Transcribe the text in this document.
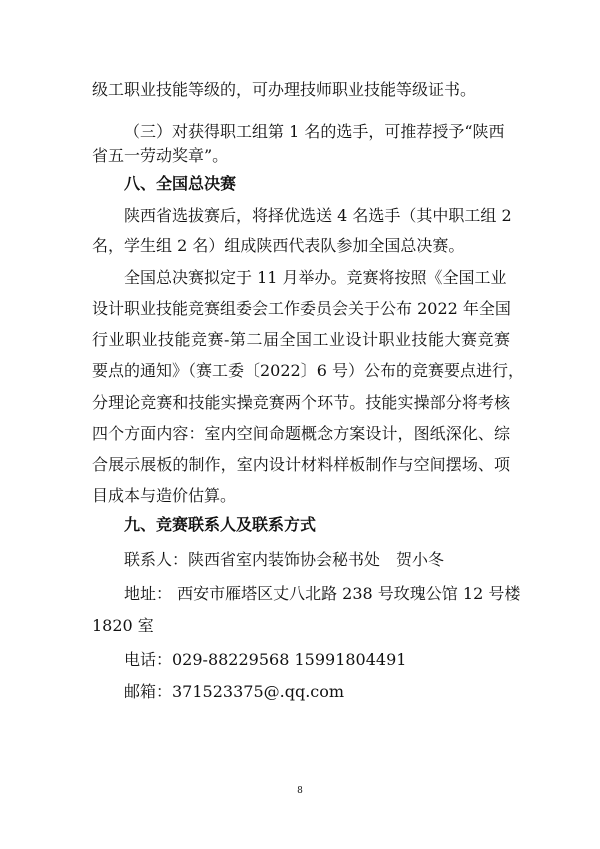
级工职业技能等级的，可办理技师职业技能等级证书。
（三）对获得职工组第 1 名的选手，可推荐授予“陕西
省五一劳动奖章”。
八、全国总决赛
陕西省选拔赛后，将择优选送 4 名选手（其中职工组 2
名，学生组 2 名）组成陕西代表队参加全国总决赛。
全国总决赛拟定于 11 月举办。竞赛将按照《全国工业
设计职业技能竞赛组委会工作委员会关于公布 2022 年全国
行业职业技能竞赛-第二届全国工业设计职业技能大赛竞赛
要点的通知》（赛工委〔2022〕6 号）公布的竞赛要点进行，
分理论竞赛和技能实操竞赛两个环节。技能实操部分将考核
四个方面内容：室内空间命题概念方案设计，图纸深化、综
合展示展板的制作，室内设计材料样板制作与空间摆场、项
目成本与造价估算。
九、竞赛联系人及联系方式
联系人：陕西省室内装饰协会秘书处　贺小冬
地址： 西安市雁塔区丈八北路 238 号玫瑰公馆 12 号楼
1820 室
电话：029-88229568 15991804491
邮箱：371523375@.qq.com
8
